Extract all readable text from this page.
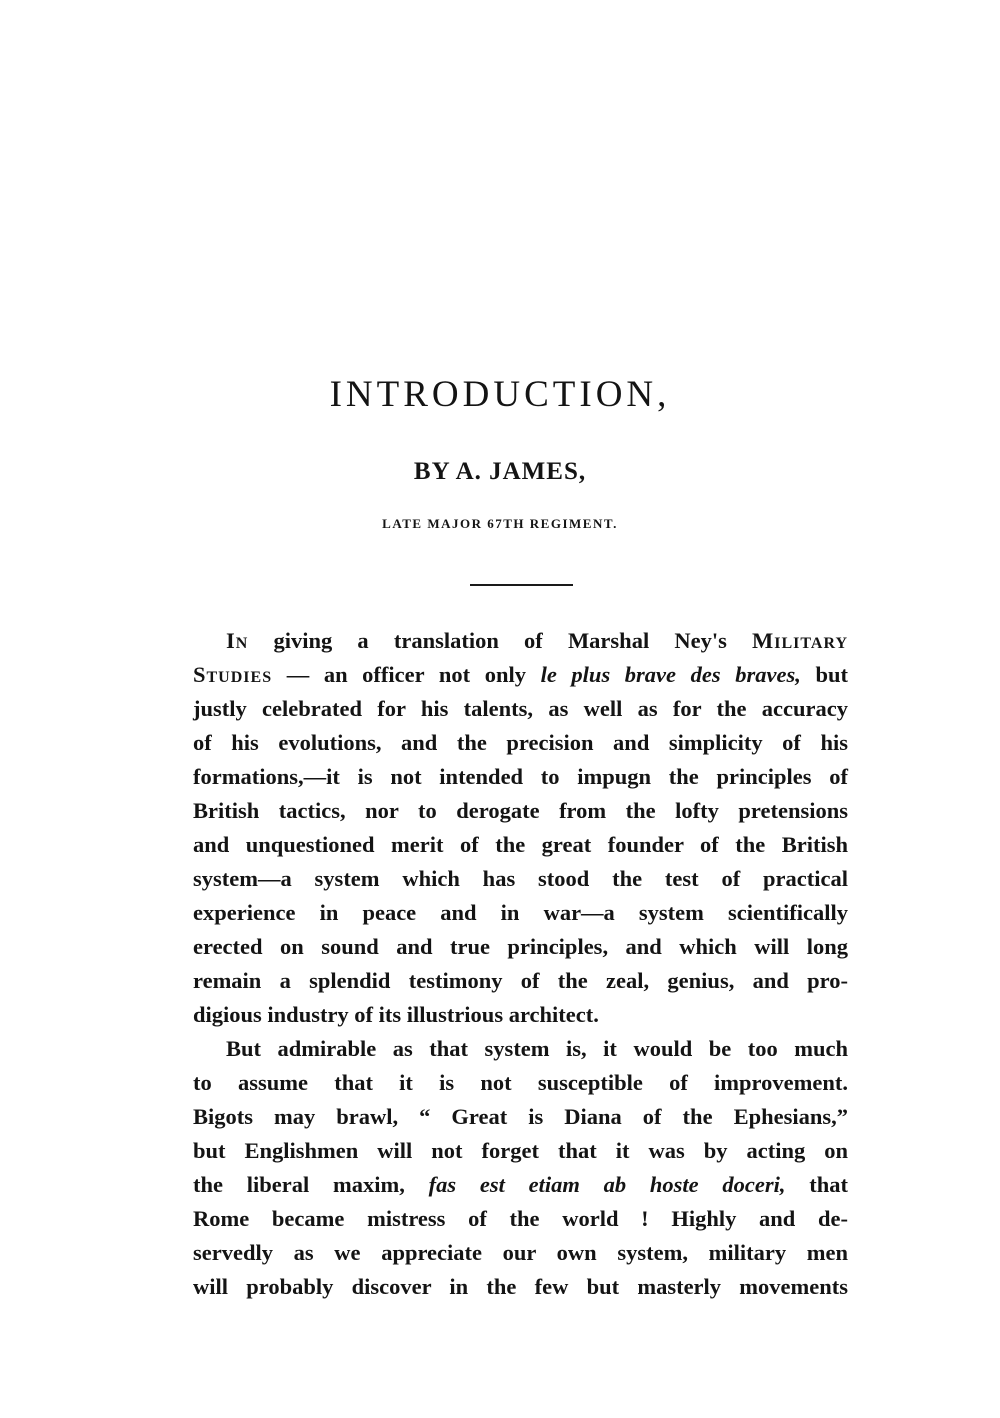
INTRODUCTION,
BY A. JAMES,
LATE MAJOR 67TH REGIMENT.

In giving a translation of Marshal Ney's Military
Studies — an officer not only le plus brave des braves, but
justly celebrated for his talents, as well as for the accuracy
of his evolutions, and the precision and simplicity of his
formations,—it is not intended to impugn the principles of
British tactics, nor to derogate from the lofty pretensions
and unquestioned merit of the great founder of the British
system—a system which has stood the test of practical
experience in peace and in war—a system scientifically
erected on sound and true principles, and which will long
remain a splendid testimony of the zeal, genius, and pro-
digious industry of its illustrious architect.

But admirable as that system is, it would be too much
to assume that it is not susceptible of improvement.
Bigots may brawl, “ Great is Diana of the Ephesians,”
but Englishmen will not forget that it was by acting on
the liberal maxim, fas est etiam ab hoste doceri, that
Rome became mistress of the world ! Highly and de-
servedly as we appreciate our own system, military men
will probably discover in the few but masterly movements
